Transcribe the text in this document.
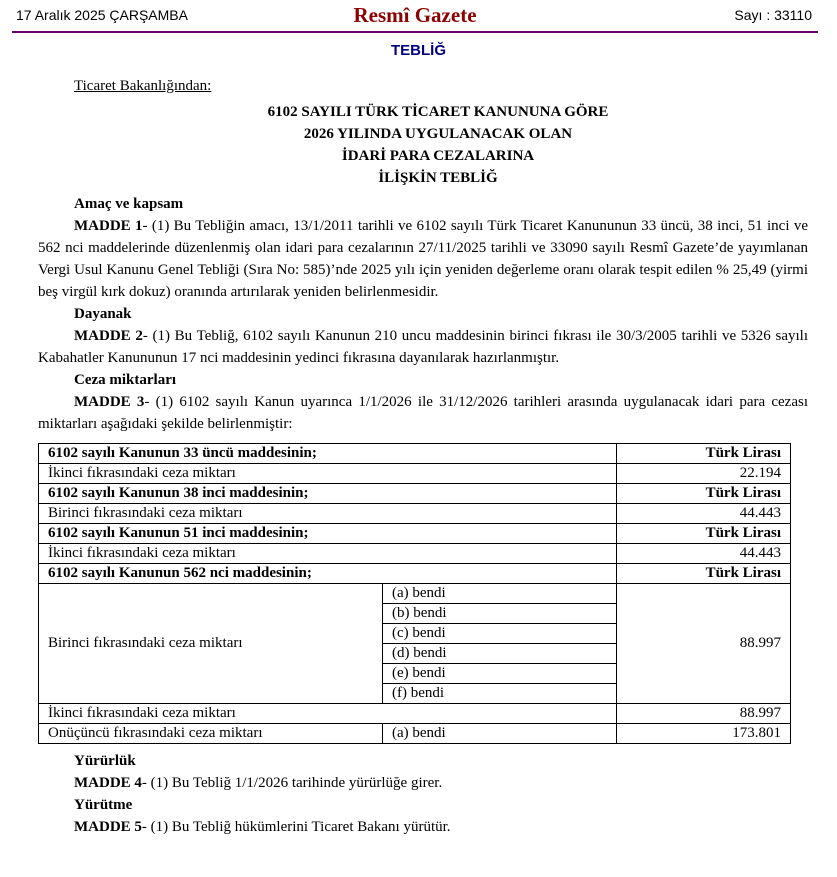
17 Aralık 2025 ÇARŞAMBA	Resmî Gazete	Sayı : 33110
TEBLİĞ
Ticaret Bakanlığından:
6102 SAYILI TÜRK TİCARET KANUNUNA GÖRE
2026 YILINDA UYGULANACAK OLAN
İDARİ PARA CEZALARINA
İLİŞKİN TEBLİĞ
Amaç ve kapsam
MADDE 1- (1) Bu Tebliğin amacı, 13/1/2011 tarihli ve 6102 sayılı Türk Ticaret Kanununun 33 üncü, 38 inci, 51 inci ve 562 nci maddelerinde düzenlenmiş olan idari para cezalarının 27/11/2025 tarihli ve 33090 sayılı Resmî Gazete’de yayımlanan Vergi Usul Kanunu Genel Tebliği (Sıra No: 585)’nde 2025 yılı için yeniden değerleme oranı olarak tespit edilen % 25,49 (yirmi beş virgül kırk dokuz) oranında artırılarak yeniden belirlenmesidir.
Dayanak
MADDE 2- (1) Bu Tebliğ, 6102 sayılı Kanunun 210 uncu maddesinin birinci fıkrası ile 30/3/2005 tarihli ve 5326 sayılı Kabahatler Kanununun 17 nci maddesinin yedinci fıkrasına dayanılarak hazırlanmıştır.
Ceza miktarları
MADDE 3- (1) 6102 sayılı Kanun uyarınca 1/1/2026 ile 31/12/2026 tarihleri arasında uygulanacak idari para cezası miktarları aşağıdaki şekilde belirlenmiştir:
6102 sayılı Kanunun 33 üncü maddesinin;		Türk Lirası
İkinci fıkrasındaki ceza miktarı		22.194
6102 sayılı Kanunun 38 inci maddesinin;		Türk Lirası
Birinci fıkrasındaki ceza miktarı		44.443
6102 sayılı Kanunun 51 inci maddesinin;		Türk Lirası
İkinci fıkrasındaki ceza miktarı		44.443
6102 sayılı Kanunun 562 nci maddesinin;		Türk Lirası
Birinci fıkrasındaki ceza miktarı	(a) bendi	88.997
	(b) bendi	
	(c) bendi	
	(d) bendi	
	(e) bendi	
	(f) bendi	
İkinci fıkrasındaki ceza miktarı		88.997
Onüçüncü fıkrasındaki ceza miktarı	(a) bendi	173.801
Yürürlük
MADDE 4- (1) Bu Tebliğ 1/1/2026 tarihinde yürürlüğe girer.
Yürütme
MADDE 5- (1) Bu Tebliğ hükümlerini Ticaret Bakanı yürütür.
